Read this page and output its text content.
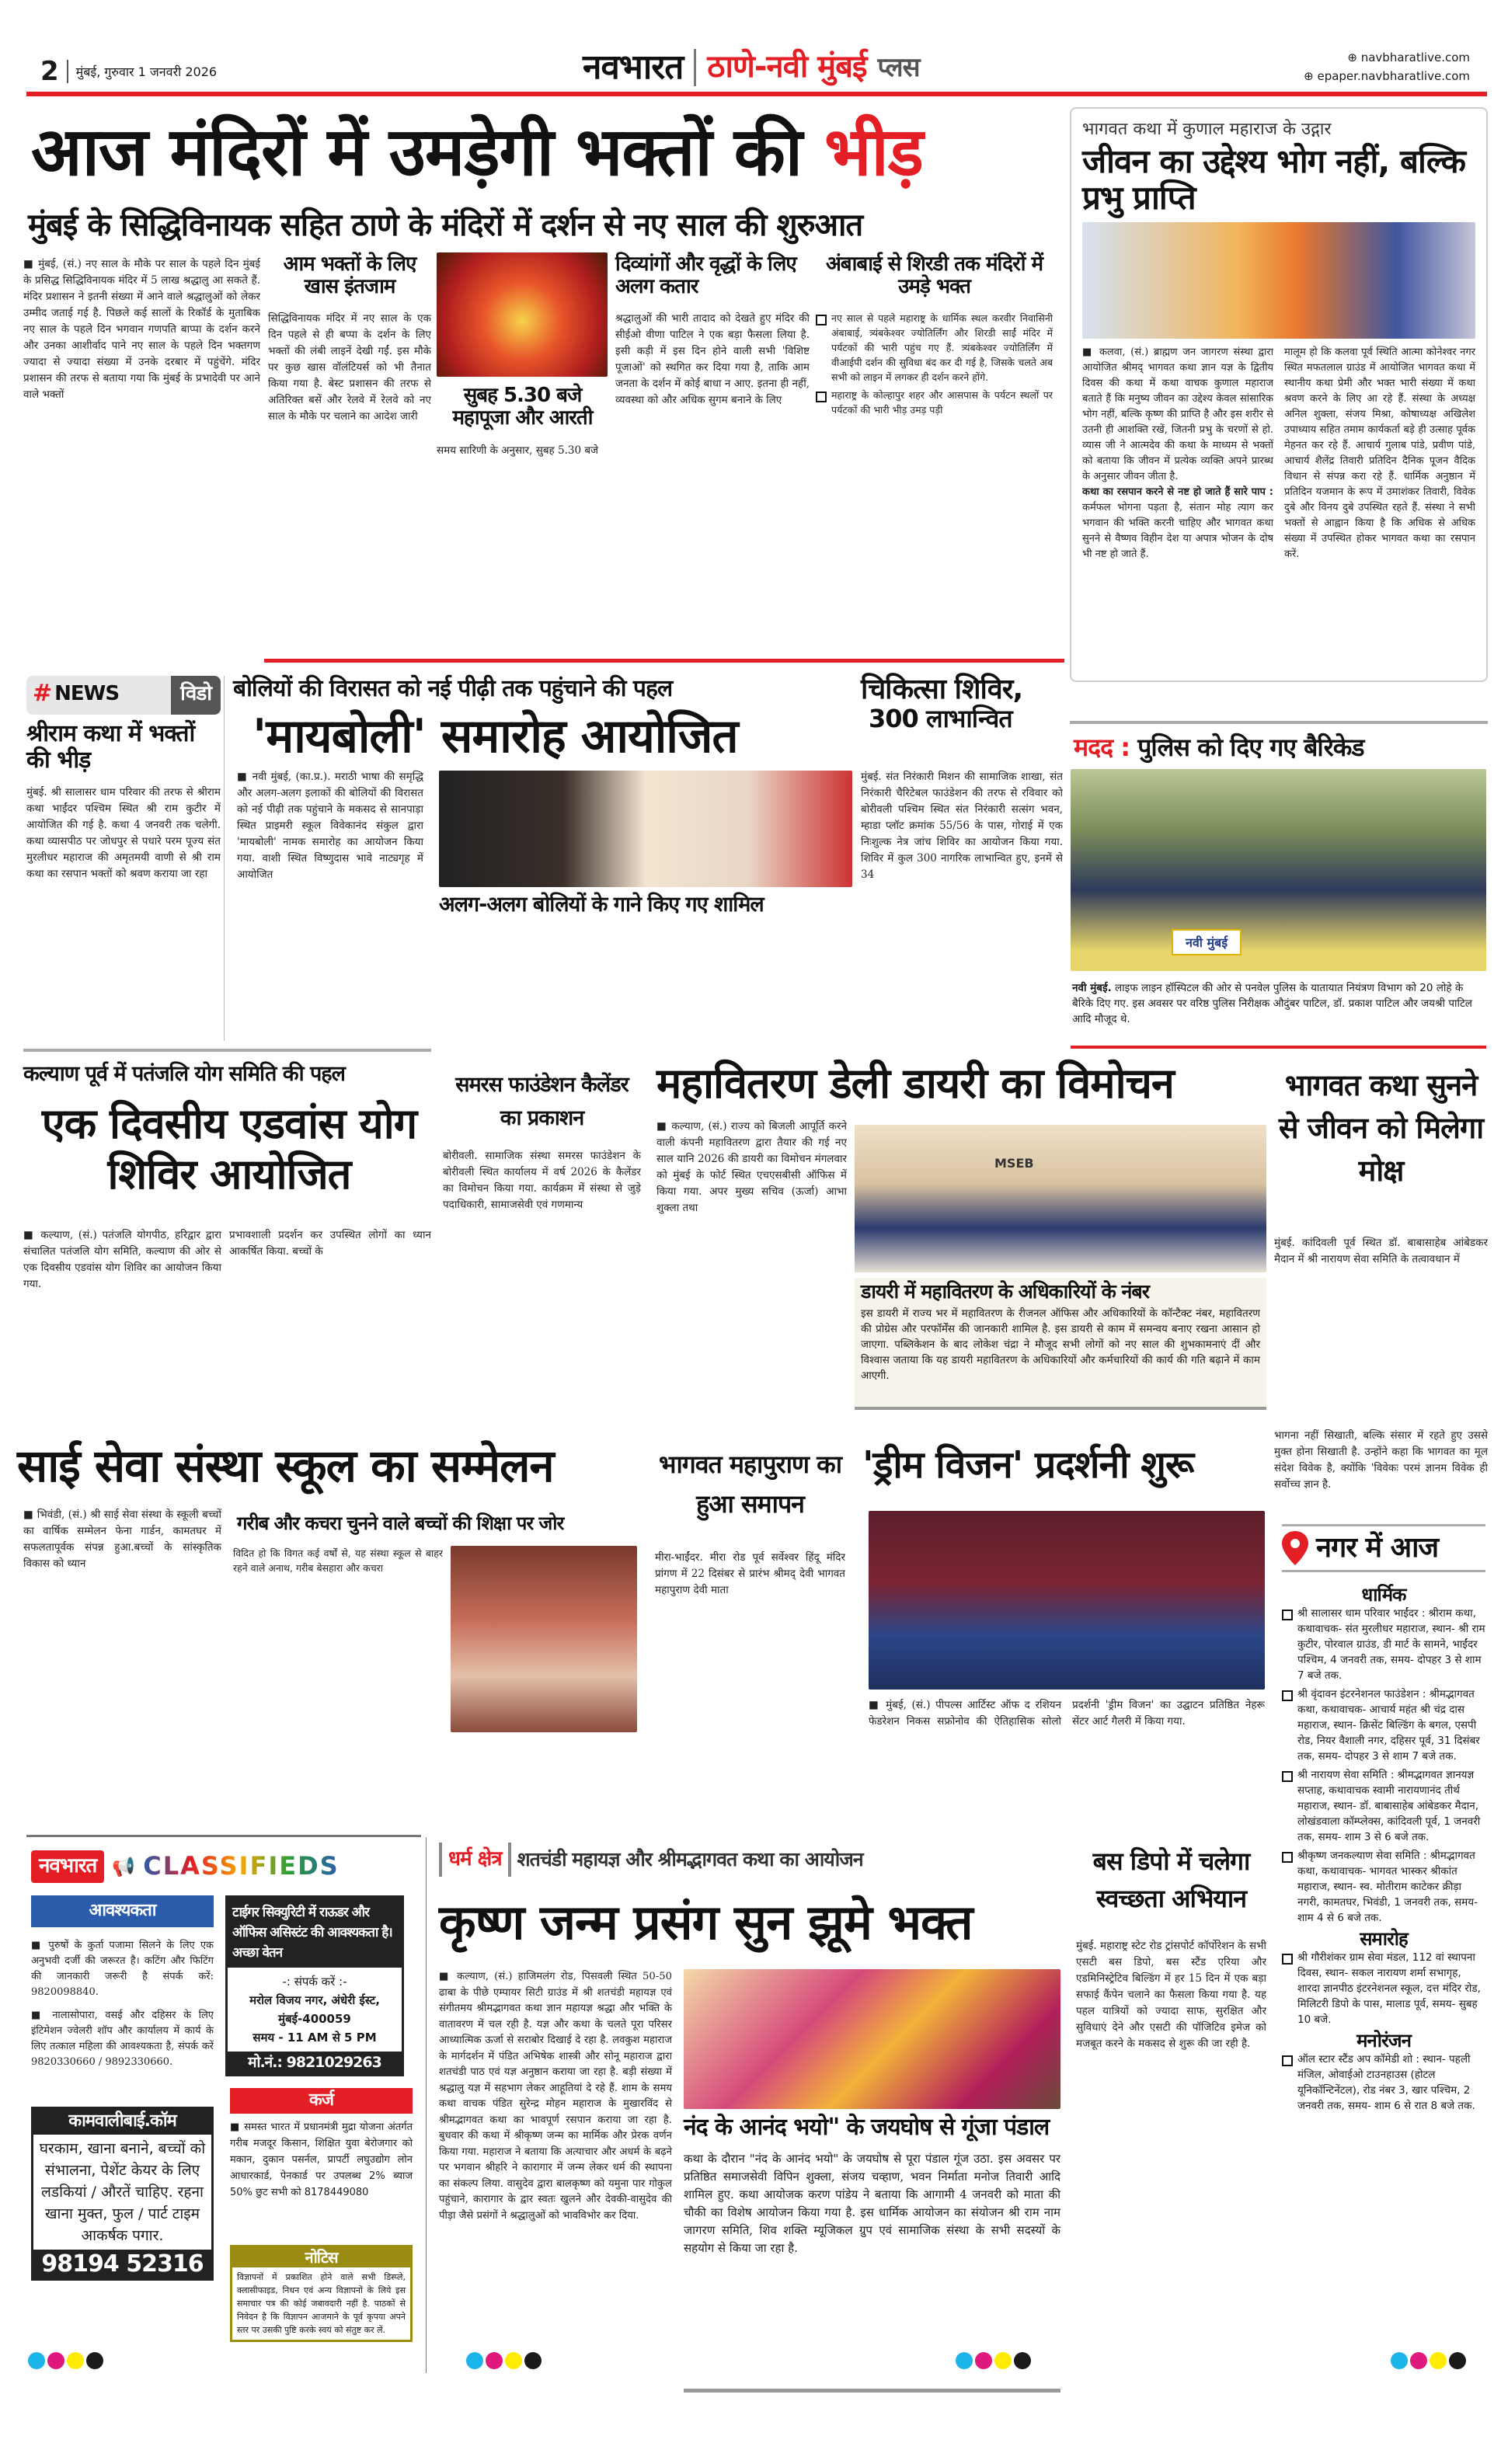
2 मुंबई, गुरुवार 1 जनवरी 2026	नवभारत ठाणे-नवी मुंबई प्लस	⊕ navbharatlive.com
⊕ epaper.navbharatlive.com
आज मंदिरों में उमड़ेगी भक्तों की भीड़
मुंबई के सिद्धिविनायक सहित ठाणे के मंदिरों में दर्शन से नए साल की शुरुआत
■ मुंबई, (सं.) नए साल के मौके पर साल के पहले दिन मुंबई के प्रसिद्ध सिद्धिविनायक मंदिर में 5 लाख श्रद्धालु आ सकते हैं. मंदिर प्रशासन ने इतनी संख्या में आने वाले श्रद्धालुओं को लेकर उम्मीद जताई गई है. पिछले कई सालों के रिकॉर्ड के मुताबिक नए साल के पहले दिन भगवान गणपति बाप्पा के दर्शन करने और उनका आशीर्वाद पाने नए साल के पहले दिन भक्तगण ज्यादा से ज्यादा संख्या में उनके दरबार में पहुंचेंगे. मंदिर प्रशासन की तरफ से बताया गया कि मुंबई के प्रभादेवी पर आने वाले भक्तों
आम भक्तों के लिए खास इंतजाम
सिद्धिविनायक मंदिर में नए साल के एक दिन पहले से ही बप्पा के दर्शन के लिए भक्तों की लंबी लाइनें देखी गईं. इस मौके पर कुछ खास वॉलंटियर्स को भी तैनात किया गया है. बेस्ट प्रशासन की तरफ से अतिरिक्त बसें और रेलवे में रेलवे को नए साल के मौके पर चलाने का आदेश जारी
सुबह 5.30 बजे महापूजा और आरती
समय सारिणी के अनुसार, सुबह 5.30 बजे
दिव्यांगों और वृद्धों के लिए अलग कतार
श्रद्धालुओं की भारी तादाद को देखते हुए मंदिर की सीईओ वीणा पाटिल ने एक बड़ा फैसला लिया है. इसी कड़ी में इस दिन होने वाली सभी 'विशिष्ट पूजाओं' को स्थगित कर दिया गया है, ताकि आम जनता के दर्शन में कोई बाधा न आए. इतना ही नहीं, व्यवस्था को और अधिक सुगम बनाने के लिए
अंबाबाई से शिरडी तक मंदिरों में उमड़े भक्त
नए साल से पहले महाराष्ट्र के धार्मिक स्थल करवीर निवासिनी अंबाबाई, त्र्यंबकेश्वर ज्योतिर्लिंग और शिरडी साईं मंदिर में पर्यटकों की भारी पहुंच गए हैं. त्र्यंबकेश्वर ज्योतिर्लिंग में वीआईपी दर्शन की सुविधा बंद कर दी गई है, जिसके चलते अब सभी को लाइन में लगकर ही दर्शन करने होंगे.
महाराष्ट्र के कोल्हापुर शहर और आसपास के पर्यटन स्थलों पर पर्यटकों की भारी भीड़ उमड़ पड़ी
भागवत कथा में कुणाल महाराज के उद्गार
जीवन का उद्देश्य भोग नहीं, बल्कि प्रभु प्राप्ति
■ कलवा, (सं.) ब्राह्मण जन जागरण संस्था द्वारा आयोजित श्रीमद् भागवत कथा ज्ञान यज्ञ के द्वितीय दिवस की कथा में कथा वाचक कुणाल महाराज बताते हैं कि मनुष्य जीवन का उद्देश्य केवल सांसारिक भोग नहीं, बल्कि कृष्ण की प्राप्ति है और इस शरीर से उतनी ही आशक्ति रखें, जितनी प्रभु के चरणों से हो. व्यास जी ने आत्मदेव की कथा के माध्यम से भक्तों को बताया कि जीवन में प्रत्येक व्यक्ति अपने प्रारब्ध के अनुसार जीवन जीता है.
कथा का रसपान करने से नष्ट हो जाते हैं सारे पाप : कर्मफल भोगना पड़ता है, संतान मोह त्याग कर भगवान की भक्ति करनी चाहिए और भागवत कथा सुनने से वैष्णव विहीन देश या अपात्र भोजन के दोष भी नष्ट हो जाते हैं.
मालूम हो कि कलवा पूर्व स्थिति आत्मा कोनेश्वर नगर स्थित मफतलाल ग्राउंड में आयोजित भागवत कथा में स्थानीय कथा प्रेमी और भक्त भारी संख्या में कथा श्रवण करने के लिए आ रहे हैं. संस्था के अध्यक्ष अनिल शुक्ला, संजय मिश्रा, कोषाध्यक्ष अखिलेश उपाध्याय सहित तमाम कार्यकर्ता बड़े ही उत्साह पूर्वक मेहनत कर रहे हैं. आचार्य गुलाब पांडे, प्रवीण पांडे, आचार्य शैलेंद्र तिवारी प्रतिदिन दैनिक पूजन वैदिक विधान से संपन्न करा रहे हैं. धार्मिक अनुष्ठान में प्रतिदिन यजमान के रूप में उमाशंकर तिवारी, विवेक दुबे और विनय दुबे उपस्थित रहते हैं. संस्था ने सभी भक्तों से आह्वान किया है कि अधिक से अधिक संख्या में उपस्थित होकर भागवत कथा का रसपान करें.
# NEWS	विडो
श्रीराम कथा में भक्तों की भीड़
मुंबई. श्री सालासर धाम परिवार की तरफ से श्रीराम कथा भाईंदर पश्चिम स्थित श्री राम कुटीर में आयोजित की गई है. कथा 4 जनवरी तक चलेगी. कथा व्यासपीठ पर जोधपुर से पधारे परम पूज्य संत मुरलीधर महाराज की अमृतमयी वाणी से श्री राम कथा का रसपान भक्तों को श्रवण कराया जा रहा
बोलियों की विरासत को नई पीढ़ी तक पहुंचाने की पहल
'मायबोली' समारोह आयोजित
■ नवी मुंबई, (का.प्र.). मराठी भाषा की समृद्धि और अलग-अलग इलाकों की बोलियों की विरासत को नई पीढ़ी तक पहुंचाने के मकसद से सानपाड़ा स्थित प्राइमरी स्कूल विवेकानंद संकुल द्वारा 'मायबोली' नामक समारोह का आयोजन किया गया. वाशी स्थित विष्णुदास भावे नाट्यगृह में आयोजित
अलग-अलग बोलियों के गाने किए गए शामिल
चिकित्सा शिविर,
300 लाभान्वित
मुंबई. संत निरंकारी मिशन की सामाजिक शाखा, संत निरंकारी चैरिटेबल फाउंडेशन की तरफ से रविवार को बोरीवली पश्चिम स्थित संत निरंकारी सत्संग भवन, म्हाडा प्लॉट क्रमांक 55/56 के पास, गोराई में एक निःशुल्क नेत्र जांच शिविर का आयोजन किया गया. शिविर में कुल 300 नागरिक लाभान्वित हुए, इनमें से 34
मदद : पुलिस को दिए गए बैरिकेड
नवी मुंबई
नवी मुंबई. लाइफ लाइन हॉस्पिटल की ओर से पनवेल पुलिस के यातायात नियंत्रण विभाग को 20 लोहे के बैरिके दिए गए. इस अवसर पर वरिष्ठ पुलिस निरीक्षक औदुंबर पाटिल, डॉ. प्रकाश पाटिल और जयश्री पाटिल आदि मौजूद थे.
कल्याण पूर्व में पतंजलि योग समिति की पहल
एक दिवसीय एडवांस योग शिविर आयोजित
■ कल्याण, (सं.) पतंजलि योगपीठ, हरिद्वार द्वारा संचालित पतंजलि योग समिति, कल्याण की ओर से एक दिवसीय एडवांस योग शिविर का आयोजन किया गया.
प्रभावशाली प्रदर्शन कर उपस्थित लोगों का ध्यान आकर्षित किया. बच्चों के
समरस फाउंडेशन कैलेंडर का प्रकाशन
बोरीवली. सामाजिक संस्था समरस फाउंडेशन के बोरीवली स्थित कार्यालय में वर्ष 2026 के कैलेंडर का विमोचन किया गया. कार्यक्रम में संस्था से जुड़े पदाधिकारी, सामाजसेवी एवं गणमान्य
महावितरण डेली डायरी का विमोचन
■ कल्याण, (सं.) राज्य को बिजली आपूर्ति करने वाली कंपनी महावितरण द्वारा तैयार की गई नए साल यानि 2026 की डायरी का विमोचन मंगलवार को मुंबई के फोर्ट स्थित एचएसबीसी ऑफिस में किया गया. अपर मुख्य सचिव (ऊर्जा) आभा शुक्ला तथा
MSEB
डायरी में महावितरण के अधिकारियों के नंबर
इस डायरी में राज्य भर में महावितरण के रीजनल ऑफिस और अधिकारियों के कॉन्टैक्ट नंबर, महावितरण की प्रोग्रेस और परफॉर्मेंस की जानकारी शामिल है. इस डायरी से काम में समन्वय बनाए रखना आसान हो जाएगा. पब्लिकेशन के बाद लोकेश चंद्रा ने मौजूद सभी लोगों को नए साल की शुभकामनाएं दीं और विश्वास जताया कि यह डायरी महावितरण के अधिकारियों और कर्मचारियों की कार्य की गति बढ़ाने में काम आएगी.
भागवत कथा सुनने से जीवन को मिलेगा मोक्ष
मुंबई. कांदिवली पूर्व स्थित डॉ. बाबासाहेब आंबेडकर मैदान में श्री नारायण सेवा समिति के तत्वावधान में
भागना नहीं सिखाती, बल्कि संसार में रहते हुए उससे मुक्त होना सिखाती है. उन्होंने कहा कि भागवत का मूल संदेश विवेक है, क्योंकि 'विवेकः परमं ज्ञानम विवेक ही सर्वोच्च ज्ञान है.
साई सेवा संस्था स्कूल का सम्मेलन
■ भिवंडी, (सं.) श्री साई सेवा संस्था के स्कूली बच्चों का वार्षिक सम्मेलन फेना गार्डन, कामतघर में सफलतापूर्वक संपन्न हुआ.बच्चों के सांस्कृतिक विकास को ध्यान
गरीब और कचरा चुनने वाले बच्चों की शिक्षा पर जोर
विदित हो कि विगत कई वर्षों से, यह संस्था स्कूल से बाहर रहने वाले अनाथ, गरीब बेसहारा और कचरा
भागवत महापुराण का हुआ समापन
मीरा-भाईंदर. मीरा रोड पूर्व सर्वेश्वर हिंदू मंदिर प्रांगण में 22 दिसंबर से प्रारंभ श्रीमद् देवी भागवत महापुराण देवी माता
'ड्रीम विजन' प्रदर्शनी शुरू
■ मुंबई, (सं.) पीपल्स आर्टिस्ट ऑफ द रशियन फेडरेशन निकस सफ्रोनोव की ऐतिहासिक सोलो प्रदर्शनी 'ड्रीम विजन' का उद्घाटन प्रतिष्ठित नेहरू सेंटर आर्ट गैलरी में किया गया.
नगर में आज
धार्मिक
श्री सालासर धाम परिवार भाईंदर : श्रीराम कथा, कथावाचक- संत मुरलीधर महाराज, स्थान- श्री राम कुटीर, पोरवाल ग्राउंड, डी मार्ट के सामने, भाईंदर पश्चिम, 4 जनवरी तक, समय- दोपहर 3 से शाम 7 बजे तक.
श्री वृंदावन इंटरनेशनल फाउंडेशन : श्रीमद्भागवत कथा, कथावाचक- आचार्य महंत श्री चंद्र दास महाराज, स्थान- क्रिसेंट बिल्डिंग के बगल, एसपी रोड, नियर वैशाली नगर, दहिसर पूर्व, 31 दिसंबर तक, समय- दोपहर 3 से शाम 7 बजे तक.
श्री नारायण सेवा समिति : श्रीमद्भागवत ज्ञानयज्ञ सप्ताह, कथावाचक स्वामी नारायणानंद तीर्थ महाराज, स्थान- डॉ. बाबासाहेब आंबेडकर मैदान, लोखंडवाला कॉम्प्लेक्स, कांदिवली पूर्व, 1 जनवरी तक, समय- शाम 3 से 6 बजे तक.
श्रीकृष्ण जनकल्याण सेवा समिति : श्रीमद्भागवत कथा, कथावाचक- भागवत भास्कर श्रीकांत महाराज, स्थान- स्व. मोतीराम काटेकर क्रीड़ा नगरी, कामतघर, भिवंडी, 1 जनवरी तक, समय- शाम 4 से 6 बजे तक.
समारोह
श्री गौरीशंकर ग्राम सेवा मंडल, 112 वां स्थापना दिवस, स्थान- सकल नारायण शर्मा सभागृह, शारदा ज्ञानपीठ इंटरनेशनल स्कूल, दत्त मंदिर रोड, मिलिटरी डिपो के पास, मालाड पूर्व, समय- सुबह 10 बजे.
मनोरंजन
ऑल स्टार स्टैंड अप कॉमेडी शो : स्थान- पहली मंजिल, ओवाईओ टाउनहाउस (होटल यूनिकॉन्टिनेंटल), रोड नंबर 3, खार पश्चिम, 2 जनवरी तक, समय- शाम 6 से रात 8 बजे तक.
नवभारत 📢 CLASSIFIEDS
आवश्यकता

■ पुरुषों के कुर्ता पजामा सिलने के लिए एक अनुभवी दर्जी की जरूरत है। कटिंग और फिटिंग की जानकारी जरूरी है संपर्क करें: 9820098840.

■ नालासोपारा, वसई और दहिसर के लिए इंटिमेशन ज्वेलरी शॉप और कार्यालय में कार्य के लिए तत्काल महिला की आवश्यकता है, संपर्क करें 9820330660 / 9892330660.

कामवालीबाई.कॉम
घरकाम, खाना बनाने, बच्चों को संभालना, पेशेंट केयर के लिए लडकियां / औरतें चाहिए. रहना खाना मुक्त, फुल / पार्ट टाइम आकर्षक पगार.
98194 52316
टाईगर सिक्युरिटी में राऊडर और ऑफिस असिस्टंट की आवश्यकता है। अच्छा वेतन
-: संपर्क करें :-
मरोल विजय नगर, अंधेरी ईस्ट, मुंबई-400059
समय - 11 AM से 5 PM
मो.नं.: 9821029263
कर्ज
■ समस्त भारत में प्रधानमंत्री मुद्रा योजना अंतर्गत गरीब मजदूर किसान, शिक्षित युवा बेरोजगार को मकान, दुकान पसर्नल, प्रापर्टी लघुउद्योग लोन आधारकार्ड, पेनकार्ड पर उपलब्ध 2% ब्याज 50% छुट सभी को 8178449080
नोटिस
विज्ञापनों में प्रकाशित होने वाले सभी डिस्प्ले, क्लासीफाइड, निधन एवं अन्य विज्ञापनों के लिये इस समाचार पत्र की कोई जबावदारी नहीं है. पाठकों से निवेदन है कि विज्ञापन आजमाने के पूर्व कृपया अपने स्तर पर उसकी पुष्टि करके स्वयं को संतुष्ट कर लें.
धर्म क्षेत्र शतचंडी महायज्ञ और श्रीमद्भागवत कथा का आयोजन
कृष्ण जन्म प्रसंग सुन झूमे भक्त
■ कल्याण, (सं.) हाजिमलंग रोड, पिसवली स्थित 50-50 ढाबा के पीछे एम्पायर सिटी ग्राउंड में श्री शतचंडी महायज्ञ एवं संगीतमय श्रीमद्भागवत कथा ज्ञान महायज्ञ श्रद्धा और भक्ति के वातावरण में चल रही है. यज्ञ और कथा के चलते पूरा परिसर आध्यात्मिक ऊर्जा से सराबोर दिखाई दे रहा है. लवकुश महाराज के मार्गदर्शन में पंडित अभिषेक शास्त्री और सोनू महाराज द्वारा शतचंडी पाठ एवं यज्ञ अनुष्ठान कराया जा रहा है. बड़ी संख्या में श्रद्धालु यज्ञ में सहभाग लेकर आहूतियां दे रहे हैं. शाम के समय कथा वाचक पंडित सुरेन्द्र मोहन महाराज के मुखारविंद से श्रीमद्भागवत कथा का भावपूर्ण रसपान कराया जा रहा है. बुधवार की कथा में श्रीकृष्ण जन्म का मार्मिक और प्रेरक वर्णन किया गया. महाराज ने बताया कि अत्याचार और अधर्म के बढ़ने पर भगवान श्रीहरि ने कारागार में जन्म लेकर धर्म की स्थापना का संकल्प लिया. वासुदेव द्वारा बालकृष्ण को यमुना पार गोकुल पहुंचाने, कारागार के द्वार स्वतः खुलने और देवकी-वासुदेव की पीड़ा जैसे प्रसंगों ने श्रद्धालुओं को भावविभोर कर दिया.
नंद के आनंद भयो" के जयघोष से गूंजा पंडाल
कथा के दौरान "नंद के आनंद भयो" के जयघोष से पूरा पंडाल गूंज उठा. इस अवसर पर प्रतिष्ठित समाजसेवी विपिन शुक्ला, संजय चव्हाण, भवन निर्माता मनोज तिवारी आदि शामिल हुए. कथा आयोजक करण पांडेय ने बताया कि आगामी 4 जनवरी को माता की चौकी का विशेष आयोजन किया गया है. इस धार्मिक आयोजन का संयोजन श्री राम नाम जागरण समिति, शिव शक्ति म्यूजिकल ग्रुप एवं सामाजिक संस्था के सभी सदस्यों के सहयोग से किया जा रहा है.
बस डिपो में चलेगा स्वच्छता अभियान
मुंबई. महाराष्ट्र स्टेट रोड ट्रांसपोर्ट कॉर्पोरेशन के सभी एसटी बस डिपो, बस स्टैंड एरिया और एडमिनिस्ट्रेटिव बिल्डिंग में हर 15 दिन में एक बड़ा सफाई कैंपेन चलाने का फैसला किया गया है. यह पहल यात्रियों को ज्यादा साफ, सुरक्षित और सुविधाएं देने और एसटी की पॉजिटिव इमेज को मजबूत करने के मकसद से शुरू की जा रही है.
